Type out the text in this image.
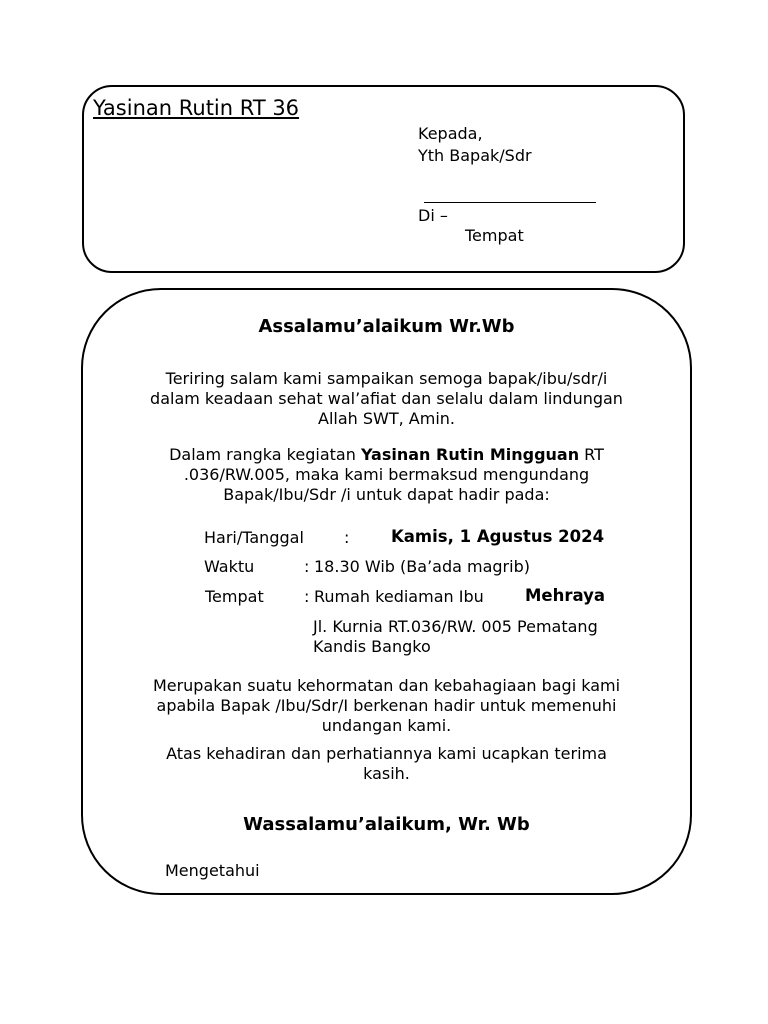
Yasinan Rutin RT 36
Kepada,
Yth Bapak/Sdr
Di –
Tempat
Assalamu’alaikum Wr.Wb
Teriring salam kami sampaikan semoga bapak/ibu/sdr/i
dalam keadaan sehat wal’afiat dan selalu dalam lindungan
Allah SWT, Amin.
Dalam rangka kegiatan Yasinan Rutin Mingguan RT
.036/RW.005, maka kami bermaksud mengundang
Bapak/Ibu/Sdr /i untuk dapat hadir pada:
Hari/Tanggal	:	Kamis, 1 Agustus 2024
Waktu	: 18.30 Wib (Ba’ada magrib)
Tempat	: Rumah kediaman Ibu	Mehraya
Jl. Kurnia RT.036/RW. 005 Pematang
Kandis Bangko
Merupakan suatu kehormatan dan kebahagiaan bagi kami
apabila Bapak /Ibu/Sdr/I berkenan hadir untuk memenuhi
undangan kami.
Atas kehadiran dan perhatiannya kami ucapkan terima
kasih.
Wassalamu’alaikum, Wr. Wb
Mengetahui
